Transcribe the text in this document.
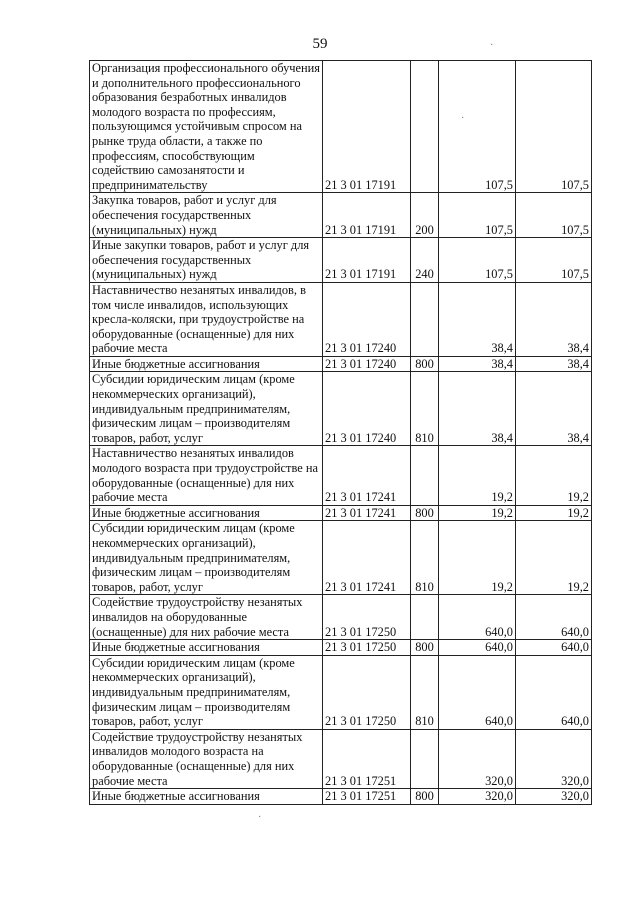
59
Организация профессионального обучения и дополнительного профессионального образования безработных инвалидов молодого возраста по профессиям, пользующимся устойчивым спросом на рынке труда области, а также по профессиям, способствующим содействию самозанятости и предпринимательству	21 3 01 17191		107,5	107,5
Закупка товаров, работ и услуг для обеспечения государственных (муниципальных) нужд	21 3 01 17191	200	107,5	107,5
Иные закупки товаров, работ и услуг для обеспечения государственных (муниципальных) нужд	21 3 01 17191	240	107,5	107,5
Наставничество незанятых инвалидов, в том числе инвалидов, использующих кресла-коляски, при трудоустройстве на оборудованные (оснащенные) для них рабочие места	21 3 01 17240		38,4	38,4
Иные бюджетные ассигнования	21 3 01 17240	800	38,4	38,4
Субсидии юридическим лицам (кроме некоммерческих организаций), индивидуальным предпринимателям, физическим лицам – производителям товаров, работ, услуг	21 3 01 17240	810	38,4	38,4
Наставничество незанятых инвалидов молодого возраста при трудоустройстве на оборудованные (оснащенные) для них рабочие места	21 3 01 17241		19,2	19,2
Иные бюджетные ассигнования	21 3 01 17241	800	19,2	19,2
Субсидии юридическим лицам (кроме некоммерческих организаций), индивидуальным предпринимателям, физическим лицам – производителям товаров, работ, услуг	21 3 01 17241	810	19,2	19,2
Содействие трудоустройству незанятых инвалидов на оборудованные (оснащенные) для них рабочие места	21 3 01 17250		640,0	640,0
Иные бюджетные ассигнования	21 3 01 17250	800	640,0	640,0
Субсидии юридическим лицам (кроме некоммерческих организаций), индивидуальным предпринимателям, физическим лицам – производителям товаров, работ, услуг	21 3 01 17250	810	640,0	640,0
Содействие трудоустройству незанятых инвалидов молодого возраста на оборудованные (оснащенные) для них рабочие места	21 3 01 17251		320,0	320,0
Иные бюджетные ассигнования	21 3 01 17251	800	320,0	320,0
·
·
·
